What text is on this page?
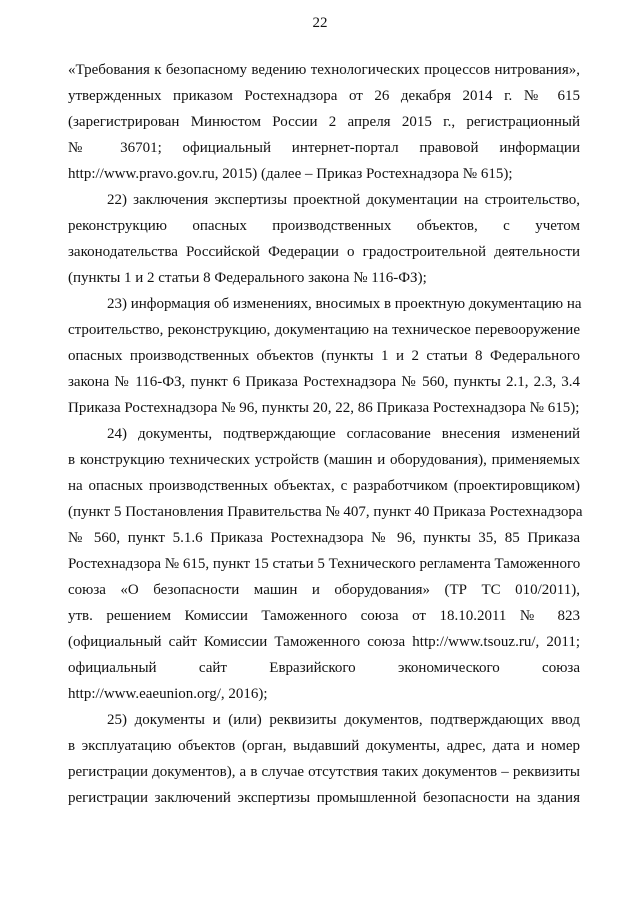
22
«Требования к безопасному ведению технологических процессов нитрования»,
утвержденных приказом Ростехнадзора от 26 декабря 2014 г. № 615
(зарегистрирован Минюстом России 2 апреля 2015 г., регистрационный
№ 36701; официальный интернет-портал правовой информации
http://www.pravo.gov.ru, 2015) (далее – Приказ Ростехнадзора № 615);
22) заключения экспертизы проектной документации на строительство,
реконструкцию опасных производственных объектов, с учетом
законодательства Российской Федерации о градостроительной деятельности
(пункты 1 и 2 статьи 8 Федерального закона № 116-ФЗ);
23) информация об изменениях, вносимых в проектную документацию на
строительство, реконструкцию, документацию на техническое перевооружение
опасных производственных объектов (пункты 1 и 2 статьи 8 Федерального
закона № 116-ФЗ, пункт 6 Приказа Ростехнадзора № 560, пункты 2.1, 2.3, 3.4
Приказа Ростехнадзора № 96, пункты 20, 22, 86 Приказа Ростехнадзора № 615);
24) документы, подтверждающие согласование внесения изменений
в конструкцию технических устройств (машин и оборудования), применяемых
на опасных производственных объектах, с разработчиком (проектировщиком)
(пункт 5 Постановления Правительства № 407, пункт 40 Приказа Ростехнадзора
№ 560, пункт 5.1.6 Приказа Ростехнадзора № 96, пункты 35, 85 Приказа
Ростехнадзора № 615, пункт 15 статьи 5 Технического регламента Таможенного
союза «О безопасности машин и оборудования» (ТР ТС 010/2011),
утв. решением Комиссии Таможенного союза от 18.10.2011 № 823
(официальный сайт Комиссии Таможенного союза http://www.tsouz.ru/, 2011;
официальный сайт Евразийского экономического союза
http://www.eaeunion.org/, 2016);
25) документы и (или) реквизиты документов, подтверждающих ввод
в эксплуатацию объектов (орган, выдавший документы, адрес, дата и номер
регистрации документов), а в случае отсутствия таких документов – реквизиты
регистрации заключений экспертизы промышленной безопасности на здания
